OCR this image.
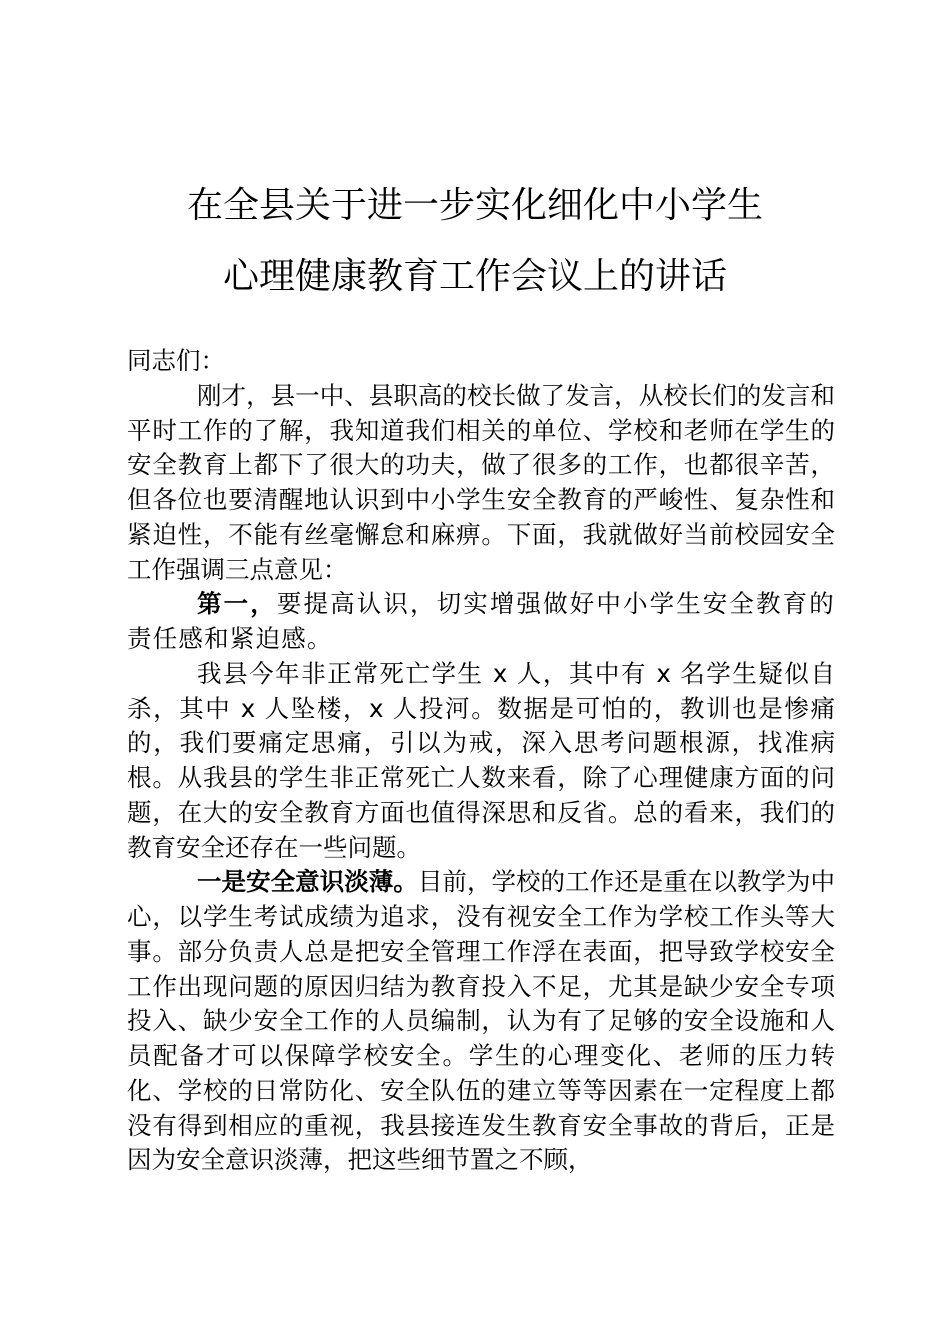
在全县关于进一步实化细化中小学生
心理健康教育工作会议上的讲话

同志们：

刚才，县一中、县职高的校长做了发言，从校长们的发言和平时工作的了解，我知道我们相关的单位、学校和老师在学生的安全教育上都下了很大的功夫，做了很多的工作，也都很辛苦，但各位也要清醒地认识到中小学生安全教育的严峻性、复杂性和紧迫性，不能有丝毫懈怠和麻痹。下面，我就做好当前校园安全工作强调三点意见：

第一，要提高认识，切实增强做好中小学生安全教育的责任感和紧迫感。

我县今年非正常死亡学生 x 人，其中有 x 名学生疑似自杀，其中 x 人坠楼，x 人投河。数据是可怕的，教训也是惨痛的，我们要痛定思痛，引以为戒，深入思考问题根源，找准病根。从我县的学生非正常死亡人数来看，除了心理健康方面的问题，在大的安全教育方面也值得深思和反省。总的看来，我们的教育安全还存在一些问题。

一是安全意识淡薄。目前，学校的工作还是重在以教学为中心，以学生考试成绩为追求，没有视安全工作为学校工作头等大事。部分负责人总是把安全管理工作浮在表面，把导致学校安全工作出现问题的原因归结为教育投入不足，尤其是缺少安全专项投入、缺少安全工作的人员编制，认为有了足够的安全设施和人员配备才可以保障学校安全。学生的心理变化、老师的压力转化、学校的日常防化、安全队伍的建立等等因素在一定程度上都没有得到相应的重视，我县接连发生教育安全事故的背后，正是因为安全意识淡薄，把这些细节置之不顾，
